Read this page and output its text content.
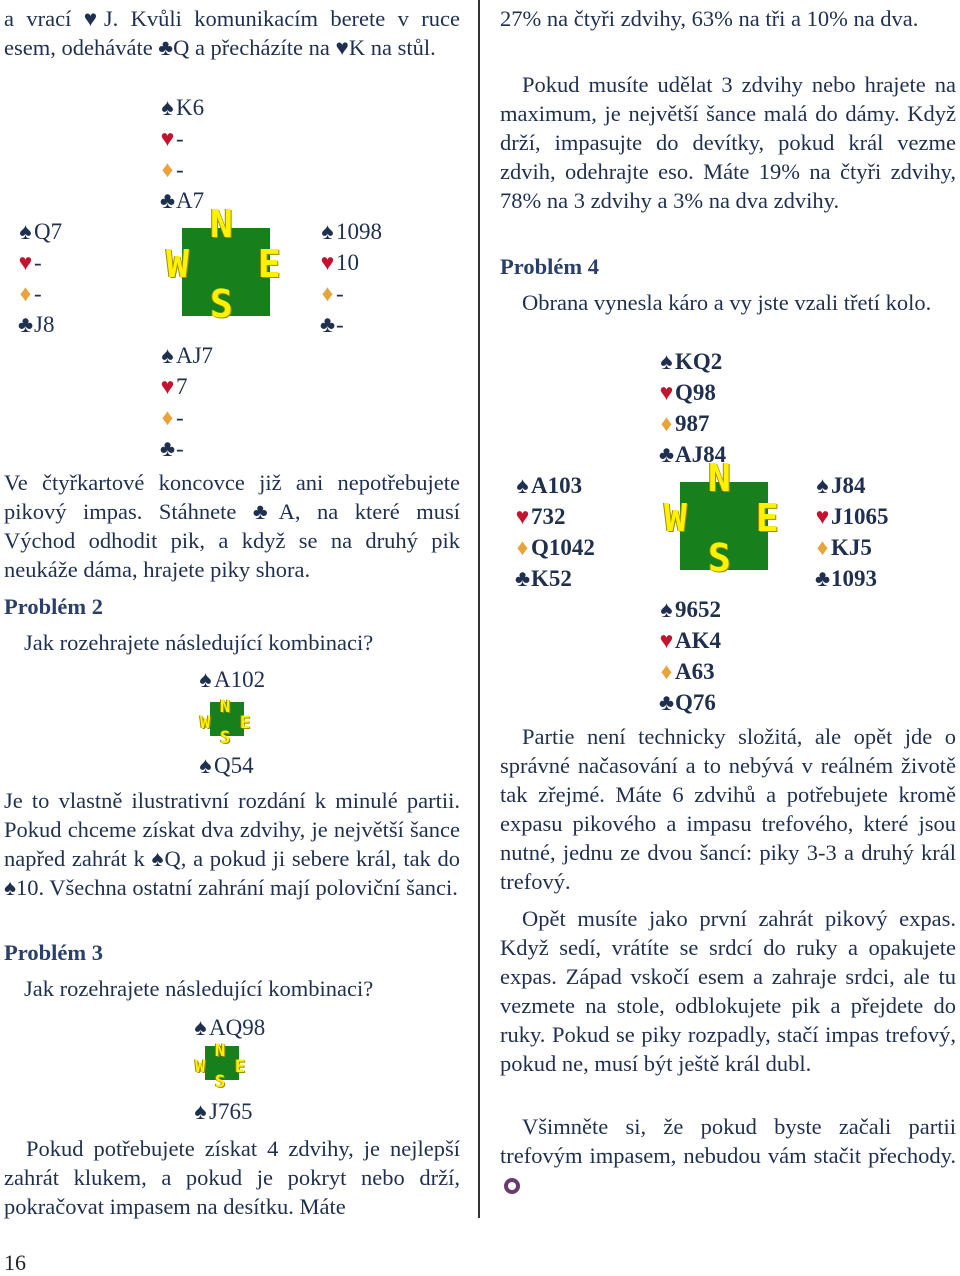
a vrací ♥J. Kvůli komunikacím berete v ruce esem, odeháváte ♣Q a přecházíte na ♥K na stůl.
♠ K6
♥-
♦ -
♣A7
♠ Q7
♥-
♦ -
♣J8
N
W E
S
♠ 1098
♥10
♦ -
♣-
♠ AJ7
♥7
♦ -
♣-
Ve čtyřkartové koncovce již ani nepotřebujete pikový impas. Stáhnete ♣A, na které musí Východ odhodit pik, a když se na druhý pik neukáže dáma, hrajete piky shora.
Problém 2
Jak rozehrajete následující kombinaci?
♠ A102
N
W E
S
♠ Q54
Je to vlastně ilustrativní rozdání k minulé partii. Pokud chceme získat dva zdvihy, je největší šance napřed zahrát k ♠Q, a pokud ji sebere král, tak do ♠10. Všechna ostatní zahrání mají poloviční šanci.
Problém 3
Jak rozehrajete následující kombinaci?
♠ AQ98
N
W E
S
♠ J765
Pokud potřebujete získat 4 zdvihy, je nejlepší zahrát klukem, a pokud je pokryt nebo drží, pokračovat impasem na desítku. Máte
27% na čtyři zdvihy, 63% na tři a 10% na dva.
Pokud musíte udělat 3 zdvihy nebo hrajete na maximum, je největší šance malá do dámy. Když drží, impasujte do devítky, pokud král vezme zdvih, odehrajte eso. Máte 19% na čtyři zdvihy, 78% na 3 zdvihy a 3% na dva zdvihy.
Problém 4
Obrana vynesla káro a vy jste vzali třetí kolo.
♠ KQ2
♥Q98
♦ 987
♣AJ84
♠ A103
♥732
♦ Q1042
♣K52
N
W E
S
♠ J84
♥J1065
♦ KJ5
♣1093
♠ 9652
♥AK4
♦ A63
♣Q76
Partie není technicky složitá, ale opět jde o správné načasování a to nebývá v reálném životě tak zřejmé. Máte 6 zdvihů a potřebujete kromě expasu pikového a impasu trefového, které jsou nutné, jednu ze dvou šancí: piky 3-3 a druhý král trefový.
Opět musíte jako první zahrát pikový expas. Když sedí, vrátíte se srdcí do ruky a opakujete expas. Západ vskočí esem a zahraje srdci, ale tu vezmete na stole, odblokujete pik a přejdete do ruky. Pokud se piky rozpadly, stačí impas trefový, pokud ne, musí být ještě král dubl.
Všimněte si, že pokud byste začali partii trefovým impasem, nebudou vám stačit přechody.
16
